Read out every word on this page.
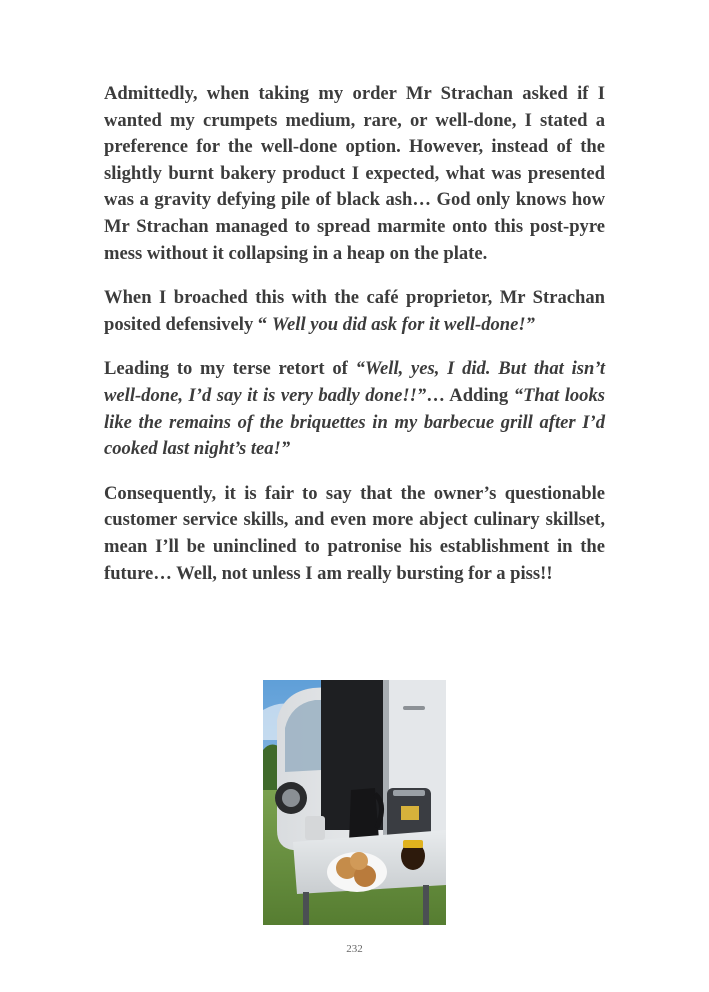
Admittedly, when taking my order Mr Strachan asked if I wanted my crumpets medium, rare, or well-done, I stated a preference for the well-done option. However, instead of the slightly burnt bakery product I expected, what was presented was a gravity defying pile of black ash… God only knows how Mr Strachan managed to spread marmite onto this post-pyre mess without it collapsing in a heap on the plate.

When I broached this with the café proprietor, Mr Strachan posited defensively “ Well you did ask for it well-done!”

Leading to my terse retort of “Well, yes, I did. But that isn’t well-done, I’d say it is very badly done!!”… Adding “That looks like the remains of the briquettes in my barbecue grill after I’d cooked last night’s tea!”

Consequently, it is fair to say that the owner’s questionable customer service skills, and even more abject culinary skillset, mean I’ll be uninclined to patronise his establishment in the future… Well, not unless I am really bursting for a piss!!

232
